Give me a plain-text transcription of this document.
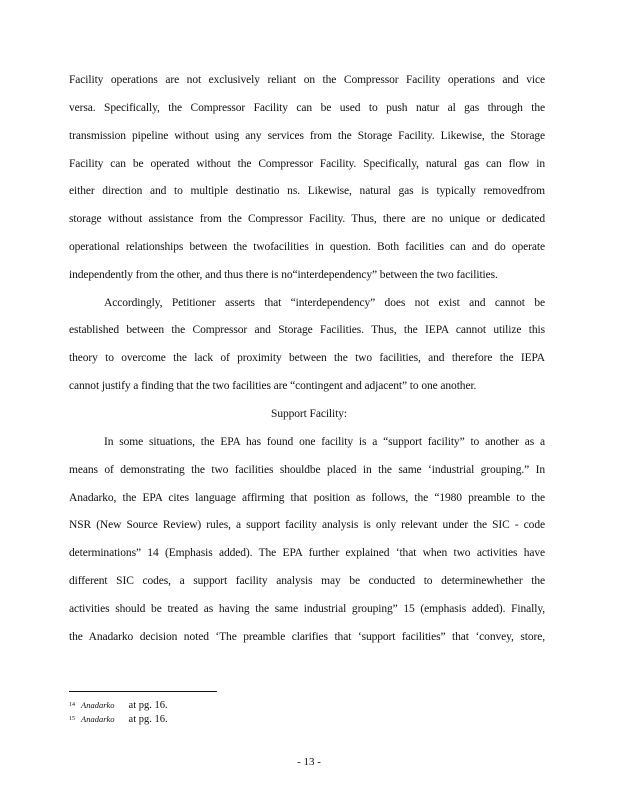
Facility operations are not exclusively reliant on the Compressor Facility operations and vice
versa. Specifically, the Compressor Facility can be used to push natur al gas through the
transmission pipeline without using any services from the Storage Facility. Likewise, the Storage
Facility can be operated without the Compressor Facility. Specifically, natural gas can flow in
either direction and to multiple destinatio ns. Likewise, natural gas is typically removedfrom
storage without assistance from the Compressor Facility. Thus, there are no unique or dedicated
operational relationships between the twofacilities in question. Both facilities can and do operate
independently from the other, and thus there is no“interdependency” between the two facilities.
Accordingly, Petitioner asserts that “interdependency” does not exist and cannot be
established between the Compressor and Storage Facilities. Thus, the IEPA cannot utilize this
theory to overcome the lack of proximity between the two facilities, and therefore the IEPA
cannot justify a finding that the two facilities are “contingent and adjacent” to one another.
Support Facility:
In some situations, the EPA has found one facility is a “support facility” to another as a
means of demonstrating the two facilities shouldbe placed in the same ‘industrial grouping.” In
Anadarko, the EPA cites language affirming that position as follows, the “1980 preamble to the
NSR (New Source Review) rules, a support facility analysis is only relevant under the SIC - code
determinations” 14 (Emphasis added). The EPA further explained ‘that when two activities have
different SIC codes, a support facility analysis may be conducted to determinewhether the
activities should be treated as having the same industrial grouping” 15 (emphasis added). Finally,
the Anadarko decision noted ‘The preamble clarifies that ‘support facilities” that ‘convey, store,
14 Anadarko at pg. 16.
15 Anadarko at pg. 16.
- 13 -
